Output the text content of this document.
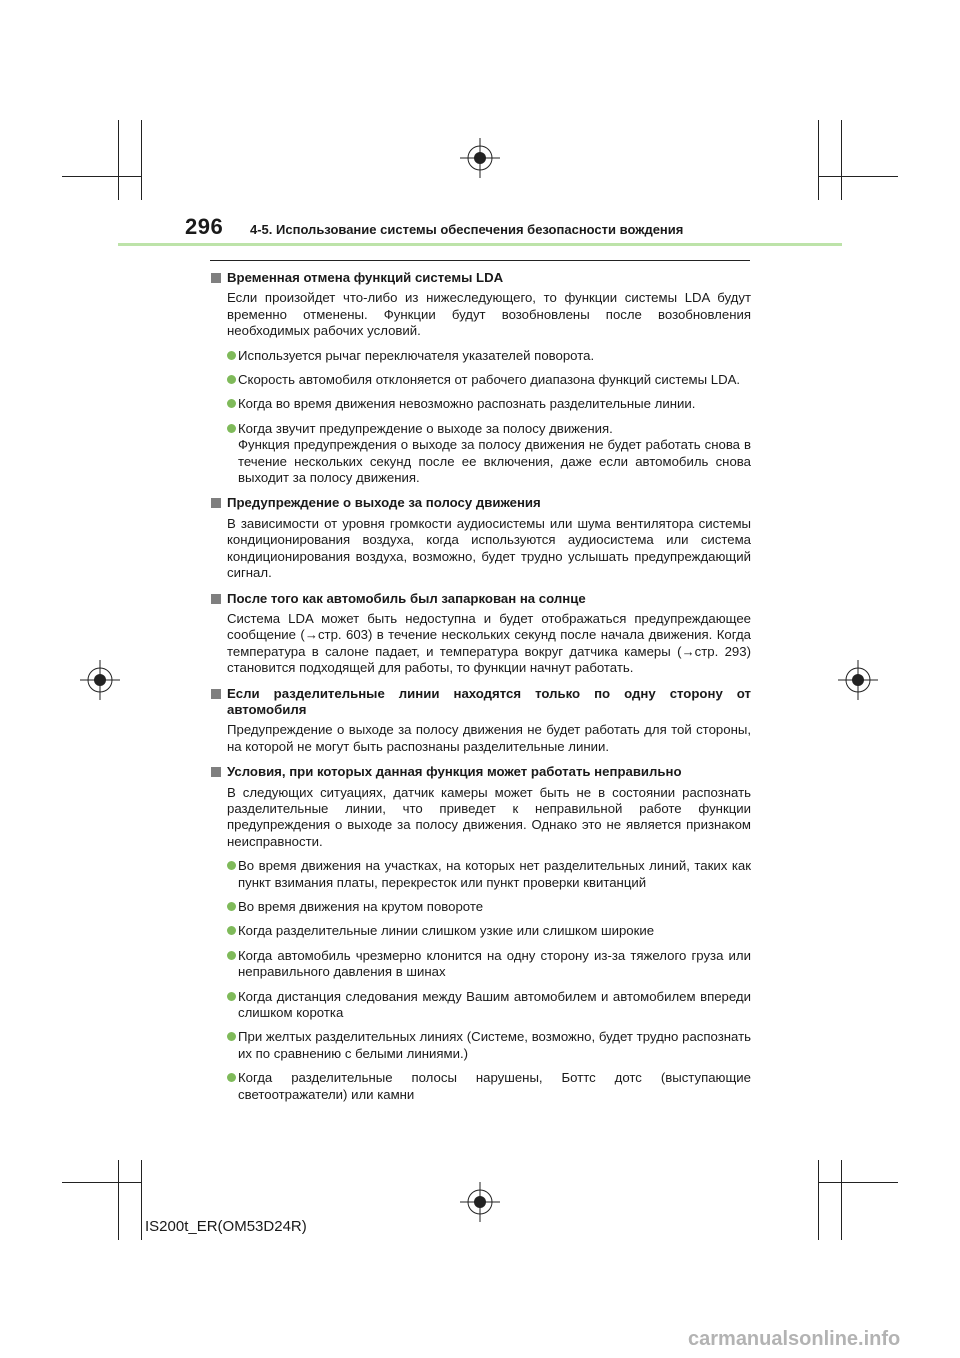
296 4-5. Использование системы обеспечения безопасности вождения
Временная отмена функций системы LDA
Если произойдет что-либо из нижеследующего, то функции системы LDA будут временно отменены. Функции будут возобновлены после возобновления необходимых рабочих условий.
Используется рычаг переключателя указателей поворота.
Скорость автомобиля отклоняется от рабочего диапазона функций системы LDA.
Когда во время движения невозможно распознать разделительные линии.
Когда звучит предупреждение о выходе за полосу движения.
Функция предупреждения о выходе за полосу движения не будет работать снова в течение нескольких секунд после ее включения, даже если автомобиль снова выходит за полосу движения.
Предупреждение о выходе за полосу движения
В зависимости от уровня громкости аудиосистемы или шума вентилятора системы кондиционирования воздуха, когда используются аудиосистема или система кондиционирования воздуха, возможно, будет трудно услышать предупреждающий сигнал.
После того как автомобиль был запаркован на солнце
Система LDA может быть недоступна и будет отображаться предупреждающее сообщение (→стр. 603) в течение нескольких секунд после начала движения. Когда температура в салоне падает, и температура вокруг датчика камеры (→стр. 293) становится подходящей для работы, то функции начнут работать.
Если разделительные линии находятся только по одну сторону от автомобиля
Предупреждение о выходе за полосу движения не будет работать для той стороны, на которой не могут быть распознаны разделительные линии.
Условия, при которых данная функция может работать неправильно
В следующих ситуациях, датчик камеры может быть не в состоянии распознать разделительные линии, что приведет к неправильной работе функции предупреждения о выходе за полосу движения. Однако это не является признаком неисправности.
Во время движения на участках, на которых нет разделительных линий, таких как пункт взимания платы, перекресток или пункт проверки квитанций
Во время движения на крутом повороте
Когда разделительные линии слишком узкие или слишком широкие
Когда автомобиль чрезмерно клонится на одну сторону из-за тяжелого груза или неправильного давления в шинах
Когда дистанция следования между Вашим автомобилем и автомобилем впереди слишком коротка
При желтых разделительных линиях (Системе, возможно, будет трудно распознать их по сравнению с белыми линиями.)
Когда разделительные полосы нарушены, Боттс дотс (выступающие светоотражатели) или камни
IS200t_ER(OM53D24R)
carmanualsonline.info
